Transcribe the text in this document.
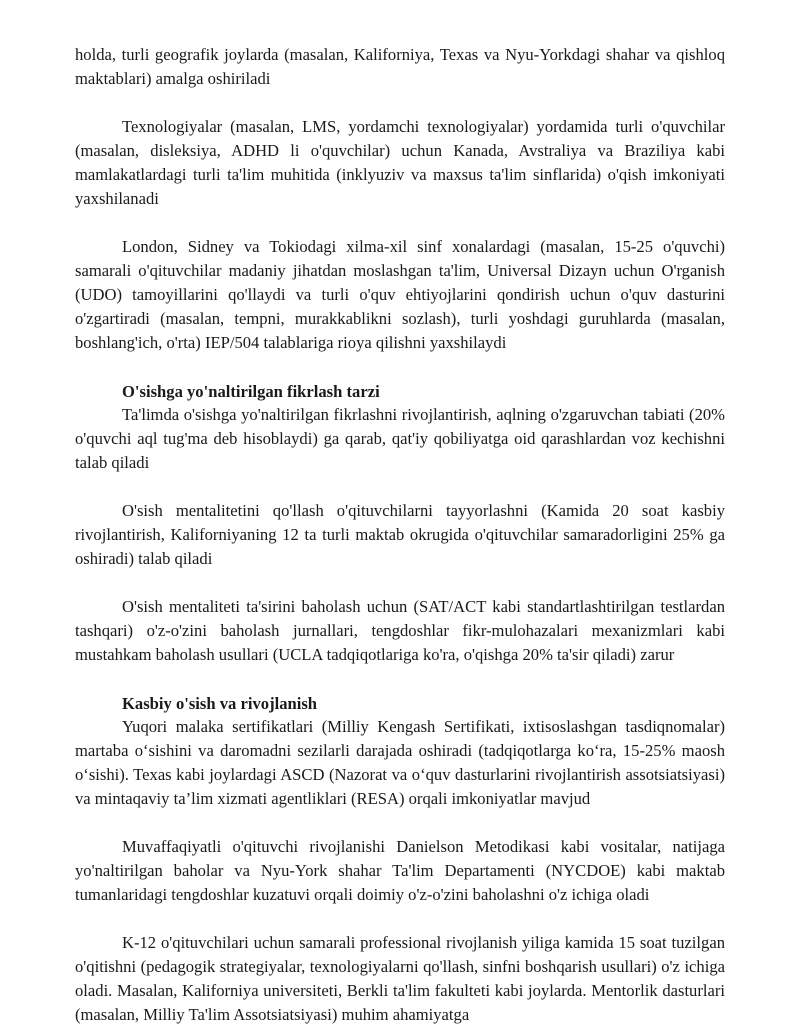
holda, turli geografik joylarda (masalan, Kaliforniya, Texas va Nyu-Yorkdagi shahar va qishloq maktablari) amalga oshiriladi

Texnologiyalar (masalan, LMS, yordamchi texnologiyalar) yordamida turli o'quvchilar (masalan, disleksiya, ADHD li o'quvchilar) uchun Kanada, Avstraliya va Braziliya kabi mamlakatlardagi turli ta'lim muhitida (inklyuziv va maxsus ta'lim sinflarida) o'qish imkoniyati yaxshilanadi

London, Sidney va Tokiodagi xilma-xil sinf xonalardagi (masalan, 15-25 o'quvchi) samarali o'qituvchilar madaniy jihatdan moslashgan ta'lim, Universal Dizayn uchun O'rganish (UDO) tamoyillarini qo'llaydi va turli o'quv ehtiyojlarini qondirish uchun o'quv dasturini o'zgartiradi (masalan, tempni, murakkablikni sozlash), turli yoshdagi guruhlarda (masalan, boshlang'ich, o'rta) IEP/504 talablariga rioya qilishni yaxshilaydi

O'sishga yo'naltirilgan fikrlash tarzi

Ta'limda o'sishga yo'naltirilgan fikrlashni rivojlantirish, aqlning o'zgaruvchan tabiati (20% o'quvchi aql tug'ma deb hisoblaydi) ga qarab, qat'iy qobiliyatga oid qarashlardan voz kechishni talab qiladi

O'sish mentalitetini qo'llash o'qituvchilarni tayyorlashni (Kamida 20 soat kasbiy rivojlantirish, Kaliforniyaning 12 ta turli maktab okrugida o'qituvchilar samaradorligini 25% ga oshiradi) talab qiladi

O'sish mentaliteti ta'sirini baholash uchun (SAT/ACT kabi standartlashtirilgan testlardan tashqari) o'z-o'zini baholash jurnallari, tengdoshlar fikr-mulohazalari mexanizmlari kabi mustahkam baholash usullari (UCLA tadqiqotlariga ko'ra, o'qishga 20% ta'sir qiladi) zarur

Kasbiy o'sish va rivojlanish

Yuqori malaka sertifikatlari (Milliy Kengash Sertifikati, ixtisoslashgan tasdiqnomalar) martaba o‘sishini va daromadni sezilarli darajada oshiradi (tadqiqotlarga ko‘ra, 15-25% maosh o‘sishi). Texas kabi joylardagi ASCD (Nazorat va o‘quv dasturlarini rivojlantirish assotsiatsiyasi) va mintaqaviy ta’lim xizmati agentliklari (RESA) orqali imkoniyatlar mavjud

Muvaffaqiyatli o'qituvchi rivojlanishi Danielson Metodikasi kabi vositalar, natijaga yo'naltirilgan baholar va Nyu-York shahar Ta'lim Departamenti (NYCDOE) kabi maktab tumanlaridagi tengdoshlar kuzatuvi orqali doimiy o'z-o'zini baholashni o'z ichiga oladi

K-12 o'qituvchilari uchun samarali professional rivojlanish yiliga kamida 15 soat tuzilgan o'qitishni (pedagogik strategiyalar, texnologiyalarni qo'llash, sinfni boshqarish usullari) o'z ichiga oladi. Masalan, Kaliforniya universiteti, Berkli ta'lim fakulteti kabi joylarda. Mentorlik dasturlari (masalan, Milliy Ta'lim Assotsiatsiyasi) muhim ahamiyatga
